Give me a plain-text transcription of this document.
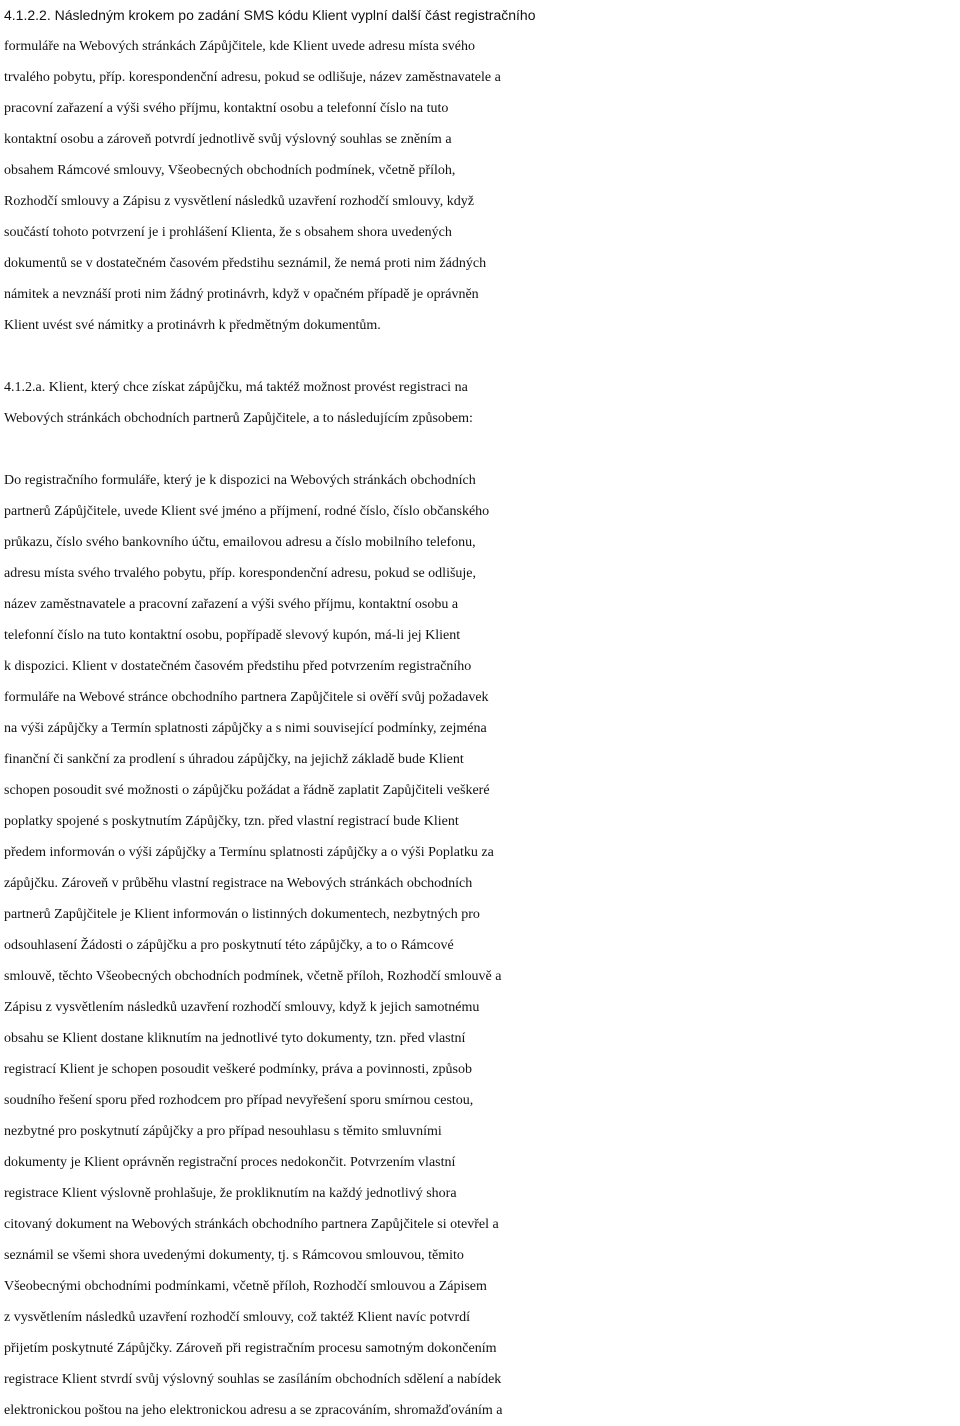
4.1.2.2. Následným krokem po zadání SMS kódu Klient vyplní další část registračního
formuláře na Webových stránkách Zápůjčitele, kde Klient uvede adresu místa svého
trvalého pobytu, příp. korespondenční adresu, pokud se odlišuje, název zaměstnavatele a
pracovní zařazení a výši svého příjmu, kontaktní osobu a telefonní číslo na tuto
kontaktní osobu a zároveň potvrdí jednotlivě svůj výslovný souhlas se zněním a
obsahem Rámcové smlouvy, Všeobecných obchodních podmínek, včetně příloh,
Rozhodčí smlouvy a Zápisu z vysvětlení následků uzavření rozhodčí smlouvy, když
součástí tohoto potvrzení je i prohlášení Klienta, že s obsahem shora uvedených
dokumentů se v dostatečném časovém předstihu seznámil, že nemá proti nim žádných
námitek a nevznáší proti nim žádný protinávrh, když v opačném případě je oprávněn
Klient uvést své námitky a protinávrh k předmětným dokumentům.
4.1.2.a. Klient, který chce získat zápůjčku, má taktéž možnost provést registraci na
Webových stránkách obchodních partnerů Zapůjčitele, a to následujícím způsobem:
Do registračního formuláře, který je k dispozici na Webových stránkách obchodních
partnerů Zápůjčitele, uvede Klient své jméno a příjmení, rodné číslo, číslo občanského
průkazu, číslo svého bankovního účtu, emailovou adresu a číslo mobilního telefonu,
adresu místa svého trvalého pobytu, příp. korespondenční adresu, pokud se odlišuje,
název zaměstnavatele a pracovní zařazení a výši svého příjmu, kontaktní osobu a
telefonní číslo na tuto kontaktní osobu, popřípadě slevový kupón, má-li jej Klient
k dispozici. Klient v dostatečném časovém předstihu před potvrzením registračního
formuláře na Webové stránce obchodního partnera Zapůjčitele si ověří svůj požadavek
na výši zápůjčky a Termín splatnosti zápůjčky a s nimi související podmínky, zejména
finanční či sankční za prodlení s úhradou zápůjčky, na jejichž základě bude Klient
schopen posoudit své možnosti o zápůjčku požádat a řádně zaplatit Zapůjčiteli veškeré
poplatky spojené s poskytnutím Zápůjčky, tzn. před vlastní registrací bude Klient
předem informován o výši zápůjčky a Termínu splatnosti zápůjčky a o výši Poplatku za
zápůjčku. Zároveň v průběhu vlastní registrace na Webových stránkách obchodních
partnerů Zapůjčitele je Klient informován o listinných dokumentech, nezbytných pro
odsouhlasení Žádosti o zápůjčku a pro poskytnutí této zápůjčky, a to o Rámcové
smlouvě, těchto Všeobecných obchodních podmínek, včetně příloh, Rozhodčí smlouvě a
Zápisu z vysvětlením následků uzavření rozhodčí smlouvy, když k jejich samotnému
obsahu se Klient dostane kliknutím na jednotlivé tyto dokumenty, tzn. před vlastní
registrací Klient je schopen posoudit veškeré podmínky, práva a povinnosti, způsob
soudního řešení sporu před rozhodcem pro případ nevyřešení sporu smírnou cestou,
nezbytné pro poskytnutí zápůjčky a pro případ nesouhlasu s těmito smluvními
dokumenty je Klient oprávněn registrační proces nedokončit. Potvrzením vlastní
registrace Klient výslovně prohlašuje, že prokliknutím na každý jednotlivý shora
citovaný dokument na Webových stránkách obchodního partnera Zapůjčitele si otevřel a
seznámil se všemi shora uvedenými dokumenty, tj. s Rámcovou smlouvou, těmito
Všeobecnými obchodními podmínkami, včetně příloh, Rozhodčí smlouvou a Zápisem
z vysvětlením následků uzavření rozhodčí smlouvy, což taktéž Klient navíc potvrdí
přijetím poskytnuté Zápůjčky. Zároveň při registračním procesu samotným dokončením
registrace Klient stvrdí svůj výslovný souhlas se zasíláním obchodních sdělení a nabídek
elektronickou poštou na jeho elektronickou adresu a se zpracováním, shromažďováním a
